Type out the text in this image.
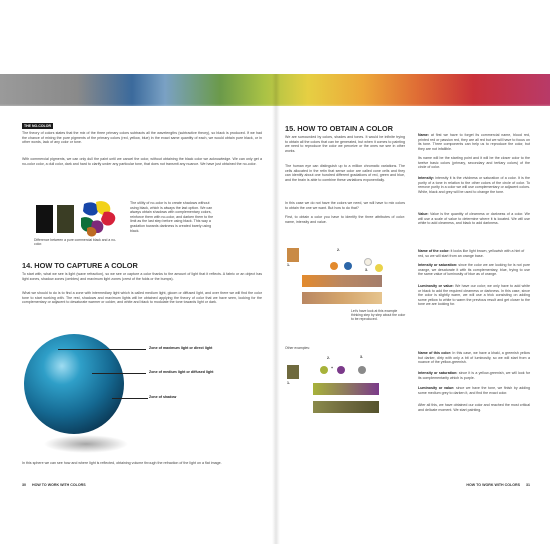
THE NO-COLOR

The theory of colors states that the mix of the three primary colors subtracts all the wavelengths (subtractive theory), so black is produced. If we had the chance of mixing the pure pigments of the primary colors (red, yellow, blue) in the exact same quantity of each, we would obtain pure black, or in other words, lack of any color or tone.

With commercial pigments, we can only dull the paint until we cancel the color, without obtaining the black color we acknowledge. We can only get a no-color color, a dull color, dark and hard to clarify under any particular tone, that does not transmit any nuance. We have just obtained the no-color.

Difference between a pure commercial black and a no-color.

The utility of no-color is to create shadows without using black, which is always the last option. We can always obtain shadows with complementary colors, reinforce them with no-color, and darken them to the limit as the last step before using black. This way a gradation towards darkness is created barely using black.

14. HOW TO CAPTURE A COLOR

To start with, what we see is light (wave refraction), so we see or capture a color thanks to the amount of light that it reflects. A fabric or an object has light zones, shadow zones (ombles) and maximum light zones (crest of the folds or the bumps).

What we should to do is to find a zone with intermediary light which is called medium light, gloom or diffused light, and over there we will find the color tone to start working with. The rest, shadows and maximum lights will be obtained applying the theory of color that we have seen, looking for the complementary or adjacent to desaturate warmer or colder, and white and black to modulate the tone towards light or dark.

Zone of maximum light or direct light

Zone of medium light or diffused light

Zone of shadow

In this sphere we can see how and where light is reflected, obtaining volume through the refraction of the light on a flat image.

30 HOW TO WORK WITH COLORS
15. HOW TO OBTAIN A COLOR

We are surrounded by colors, shades and tones. It would be infinite trying to obtain all the colors that can be generated, but when it comes to painting we need to reproduce the color we perceive or the ones we see in other works.

The human eye can distinguish up to a million chromatic variations. The cells allocated in the retin that sense color are called cone cells and they can identify about one hundred different gradations of red, green and blue, and the brain is able to combine these variations exponentially.

In this case we do not have the colors we need, we will have to mix colors to obtain the one we want. But how to do that?

First, to obtain a color you have to identify the three attributes of color: name, intensity and value.

Name: at first we have to forget its commercial name, blood red, printed red or passion red, they are all red but we will have to focus on its tone. Three components can help us to reproduce the color, but they are not infallible.

Its name will be the starting point and it will be the closer color to the twelve basic colors (primary, secondary and tertiary colors) of the circle of color.

Intensity: intensity it is the vividness or saturation of a color. It is the purity of a tone in relation to the other colors of the circle of color. To remove purity in a color we will use complementary or adjacent colors. White, black and grey will be used to change the tone.

Value: Value is the quantity of clearness or darkness of a color. We will use a scale of value to determine where it is located. We will use white to add clearness, and black to add darkness.

1.
2.
3.

Let's have look at this example thinking step by step about the color to be reproduced.

Name of the color: it looks like light brown, yellowish with a hint of red, so we will start from an orange base.

Intensity or saturation: since the color we are looking for is not pure orange, we desaturate it with its complementary, blue, trying to use the same value of luminosity of blue as of orange.

Luminosity or value: We have our color; we only have to add white or black to add the required clearness or darkness. In this case, since the color is slightly warm, we will use a trick consisting on adding some yellow to white to warm the previous result and get closer to the tone we are looking for.

Other examples:
1.
2.
+
3.

Name of this color: In this case, we have a khaki, a greenish yellow but darker, dirty with only a bit of luminosity, so we will start from a nuance of the yellow-greenish.

Intensity or saturation: since it is a yellow-greenish, we will look for its complementarity which is purple.

Luminosity or value: since we have the tone, we finish by adding some medium grey to darken it, and find the exact color.

After all this, we have obtained our color and reached the most critical and delicate moment. We start painting.

HOW TO WORK WITH COLORS 31
